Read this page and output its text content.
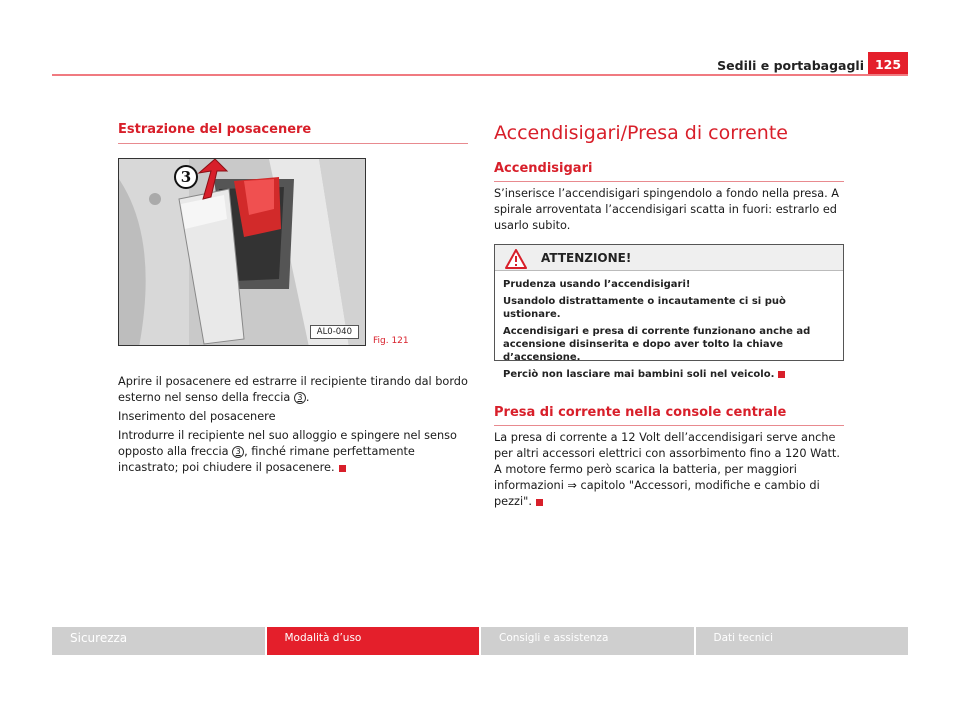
Sedili e portabagagli 125
Estrazione del posacenere
AL0-040
3
Fig. 121

Aprire il posacenere ed estrarre il recipiente tirando dal bordo esterno nel senso della freccia 3 .

Inserimento del posacenere

Introdurre il recipiente nel suo alloggio e spingere nel senso opposto alla freccia 3 , finché rimane perfettamente incastrato; poi chiudere il posacenere.

Accendisigari/Presa di corrente
Accendisigari
S’inserisce l’accendisigari spingendolo a fondo nella presa. A spirale arroventata l’accendisigari scatta in fuori: estrarlo ed usarlo subito.
ATTENZIONE!

Prudenza usando l’accendisigari!

Usandolo distrattamente o incautamente ci si può ustionare.

Accendisigari e presa di corrente funzionano anche ad accensione disinserita e dopo aver tolto la chiave d’accensione.

Perciò non lasciare mai bambini soli nel veicolo.

Presa di corrente nella console centrale
La presa di corrente a 12 Volt dell’accendisigari serve anche per altri accessori elettrici con assorbimento fino a 120 Watt. A motore fermo però scarica la batteria, per maggiori informazioni ⇒ capitolo "Accessori, modifiche e cambio di pezzi".
Sicurezza	Modalità d’uso	Consigli e assistenza	Dati tecnici
